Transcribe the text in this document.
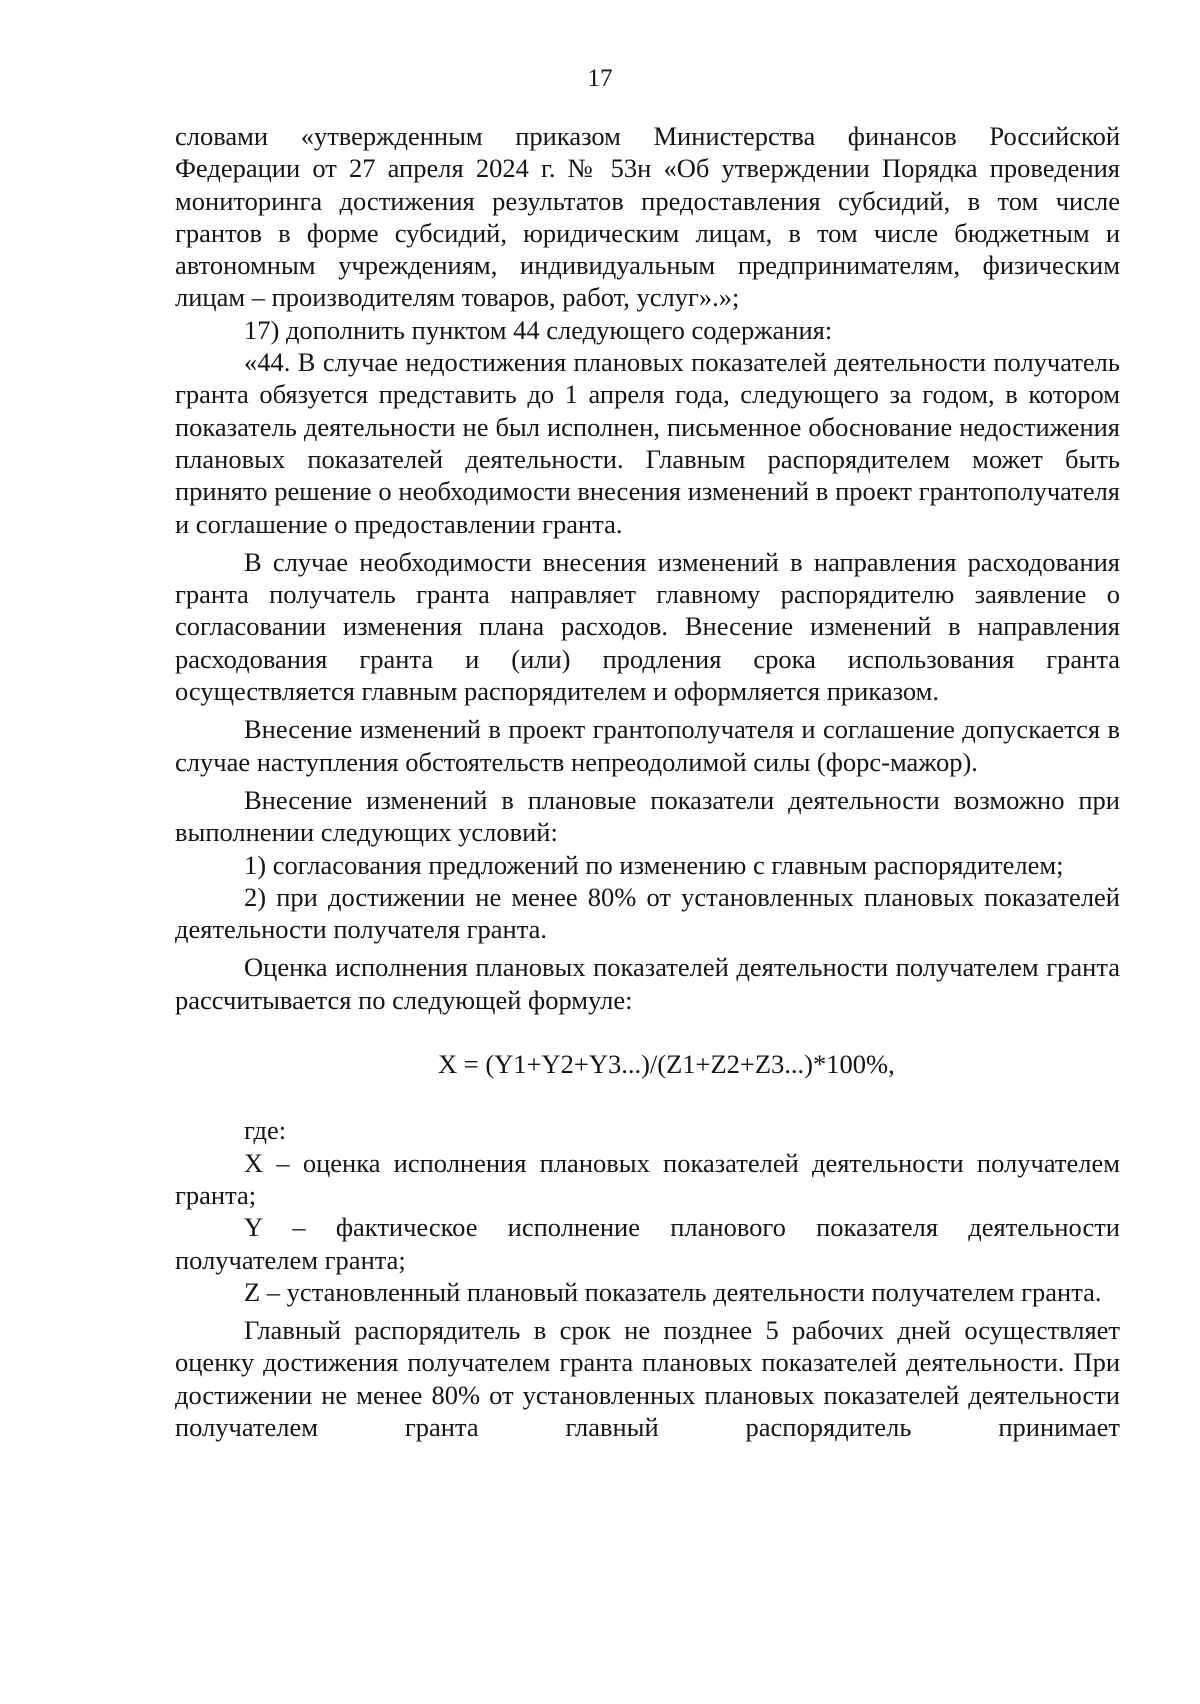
17

словами «утвержденным приказом Министерства финансов Российской Федерации от 27 апреля 2024 г. № 53н «Об утверждении Порядка проведения мониторинга достижения результатов предоставления субсидий, в том числе грантов в форме субсидий, юридическим лицам, в том числе бюджетным и автономным учреждениям, индивидуальным предпринимателям, физическим лицам – производителям товаров, работ, услуг».»;

17) дополнить пунктом 44 следующего содержания:

«44. В случае недостижения плановых показателей деятельности получатель гранта обязуется представить до 1 апреля года, следующего за годом, в котором показатель деятельности не был исполнен, письменное обоснование недостижения плановых показателей деятельности. Главным распорядителем может быть принято решение о необходимости внесения изменений в проект грантополучателя и соглашение о предоставлении гранта.

В случае необходимости внесения изменений в направления расходования гранта получатель гранта направляет главному распорядителю заявление о согласовании изменения плана расходов. Внесение изменений в направления расходования гранта и (или) продления срока использования гранта осуществляется главным распорядителем и оформляется приказом.

Внесение изменений в проект грантополучателя и соглашение допускается в случае наступления обстоятельств непреодолимой силы (форс-мажор).

Внесение изменений в плановые показатели деятельности возможно при выполнении следующих условий:

1) согласования предложений по изменению с главным распорядителем;

2) при достижении не менее 80% от установленных плановых показателей деятельности получателя гранта.

Оценка исполнения плановых показателей деятельности получателем гранта рассчитывается по следующей формуле:

X = (Y1+Y2+Y3...)/(Z1+Z2+Z3...)*100%,

где:

X – оценка исполнения плановых показателей деятельности получателем гранта;

Y – фактическое исполнение планового показателя деятельности получателем гранта;

Z – установленный плановый показатель деятельности получателем гранта.

Главный распорядитель в срок не позднее 5 рабочих дней осуществляет оценку достижения получателем гранта плановых показателей деятельности. При достижении не менее 80% от установленных плановых показателей деятельности получателем гранта главный распорядитель принимает
